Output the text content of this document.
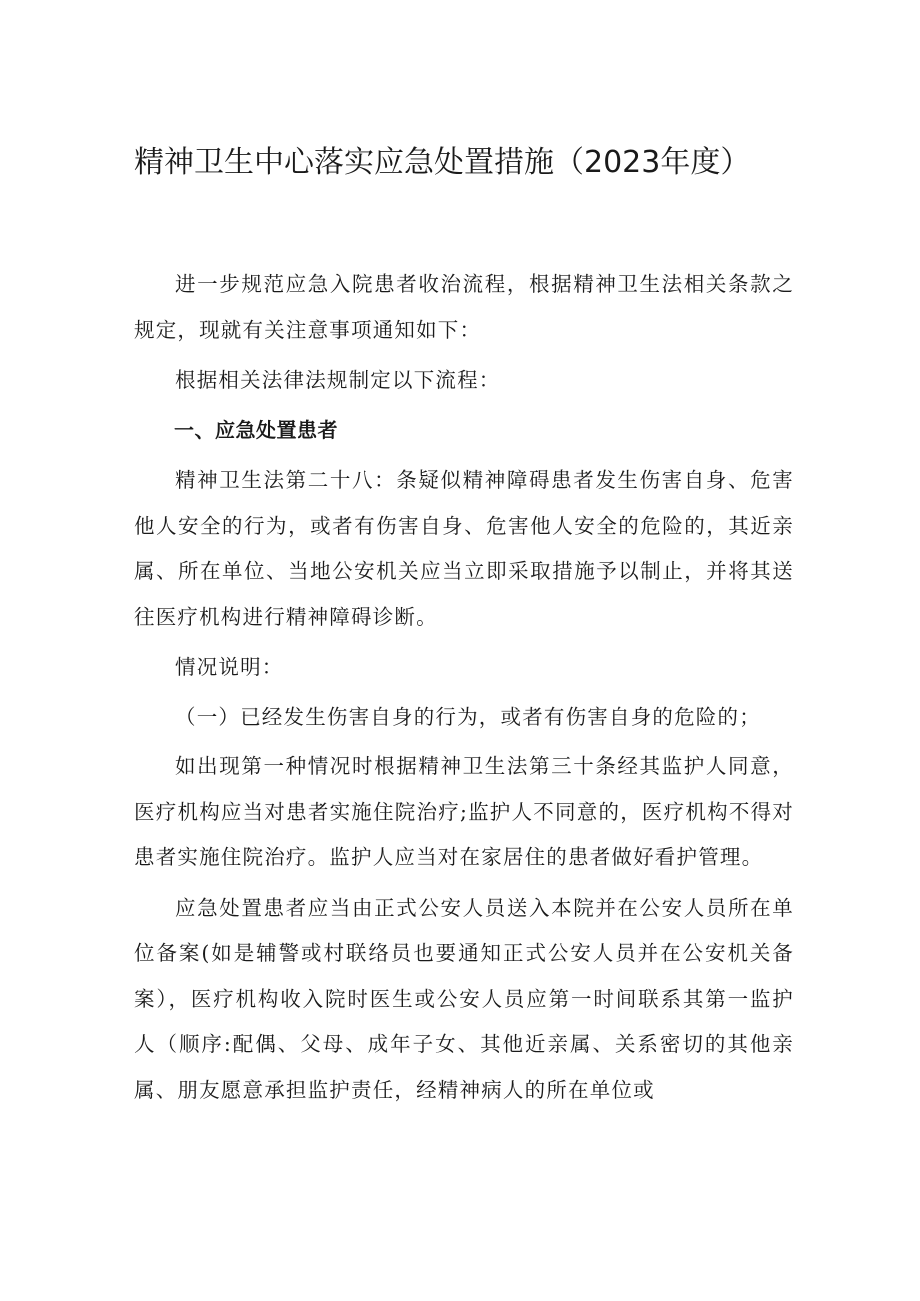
精神卫生中心落实应急处置措施（2023年度）

进一步规范应急入院患者收治流程，根据精神卫生法相关条款之规定，现就有关注意事项通知如下：

根据相关法律法规制定以下流程：

一、应急处置患者

精神卫生法第二十八：条疑似精神障碍患者发生伤害自身、危害他人安全的行为，或者有伤害自身、危害他人安全的危险的，其近亲属、所在单位、当地公安机关应当立即采取措施予以制止，并将其送往医疗机构进行精神障碍诊断。

情况说明：

（一）已经发生伤害自身的行为，或者有伤害自身的危险的；

如出现第一种情况时根据精神卫生法第三十条经其监护人同意，医疗机构应当对患者实施住院治疗;监护人不同意的，医疗机构不得对患者实施住院治疗。监护人应当对在家居住的患者做好看护管理。

应急处置患者应当由正式公安人员送入本院并在公安人员所在单位备案(如是辅警或村联络员也要通知正式公安人员并在公安机关备案），医疗机构收入院时医生或公安人员应第一时间联系其第一监护人（顺序:配偶、父母、成年子女、其他近亲属、关系密切的其他亲属、朋友愿意承担监护责任，经精神病人的所在单位或
